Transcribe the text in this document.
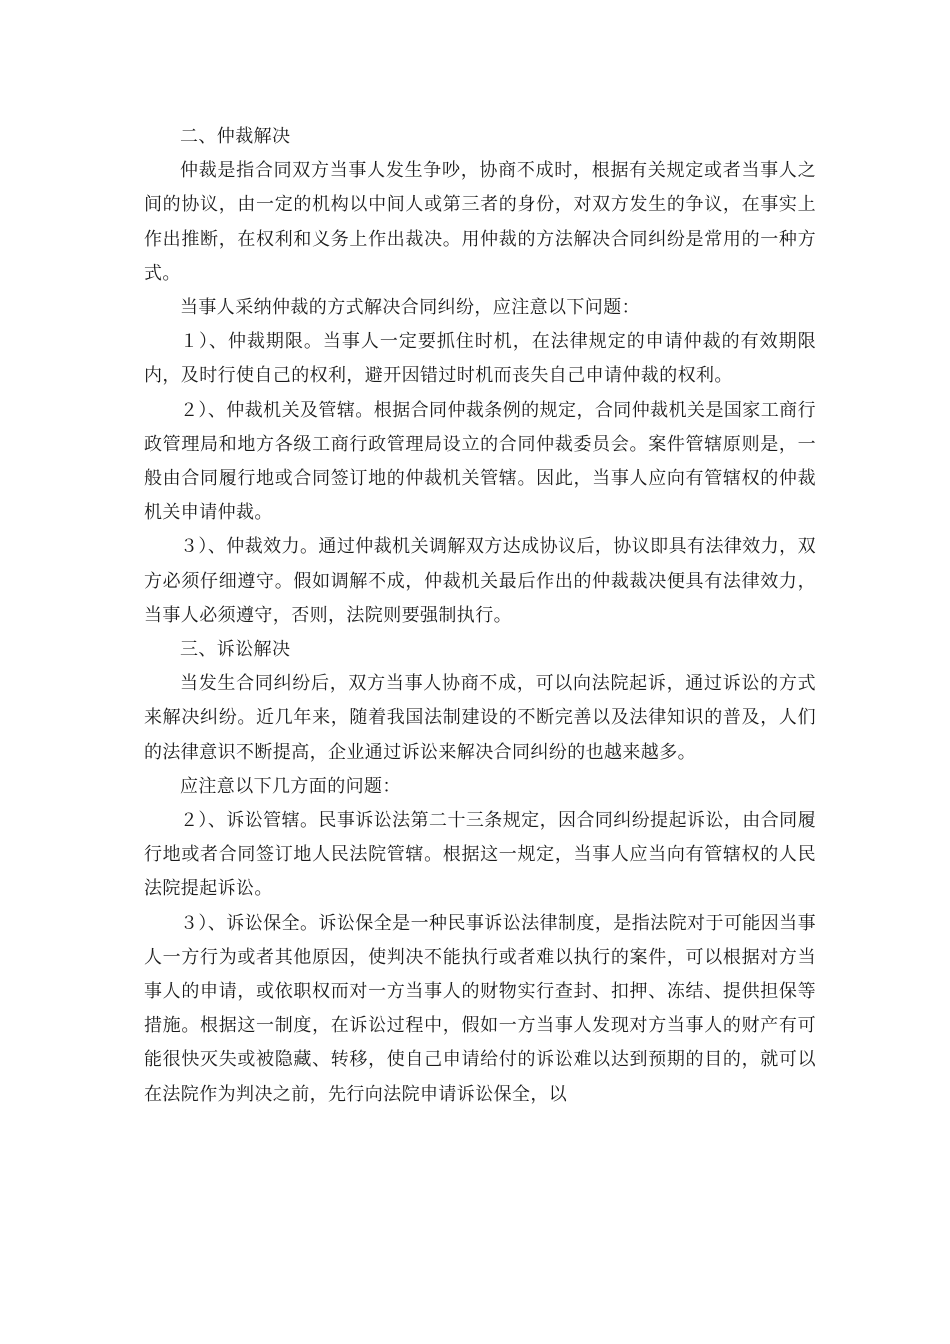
二、仲裁解决

仲裁是指合同双方当事人发生争吵，协商不成时，根据有关规定或者当事人之间的协议，由一定的机构以中间人或第三者的身份，对双方发生的争议，在事实上作出推断，在权利和义务上作出裁决。用仲裁的方法解决合同纠纷是常用的一种方式。

当事人采纳仲裁的方式解决合同纠纷，应注意以下问题：

１）、仲裁期限。当事人一定要抓住时机，在法律规定的申请仲裁的有效期限内，及时行使自己的权利，避开因错过时机而丧失自己申请仲裁的权利。

２）、仲裁机关及管辖。根据合同仲裁条例的规定，合同仲裁机关是国家工商行政管理局和地方各级工商行政管理局设立的合同仲裁委员会。案件管辖原则是，一般由合同履行地或合同签订地的仲裁机关管辖。因此，当事人应向有管辖权的仲裁机关申请仲裁。

３）、仲裁效力。通过仲裁机关调解双方达成协议后，协议即具有法律效力，双方必须仔细遵守。假如调解不成，仲裁机关最后作出的仲裁裁决便具有法律效力，当事人必须遵守，否则，法院则要强制执行。

三、诉讼解决

当发生合同纠纷后，双方当事人协商不成，可以向法院起诉，通过诉讼的方式来解决纠纷。近几年来，随着我国法制建设的不断完善以及法律知识的普及，人们的法律意识不断提高，企业通过诉讼来解决合同纠纷的也越来越多。

应注意以下几方面的问题：

２）、诉讼管辖。民事诉讼法第二十三条规定，因合同纠纷提起诉讼，由合同履行地或者合同签订地人民法院管辖。根据这一规定，当事人应当向有管辖权的人民法院提起诉讼。

３）、诉讼保全。诉讼保全是一种民事诉讼法律制度，是指法院对于可能因当事人一方行为或者其他原因，使判决不能执行或者难以执行的案件，可以根据对方当事人的申请，或依职权而对一方当事人的财物实行查封、扣押、冻结、提供担保等措施。根据这一制度，在诉讼过程中，假如一方当事人发现对方当事人的财产有可能很快灭失或被隐藏、转移，使自己申请给付的诉讼难以达到预期的目的，就可以在法院作为判决之前，先行向法院申请诉讼保全，以
